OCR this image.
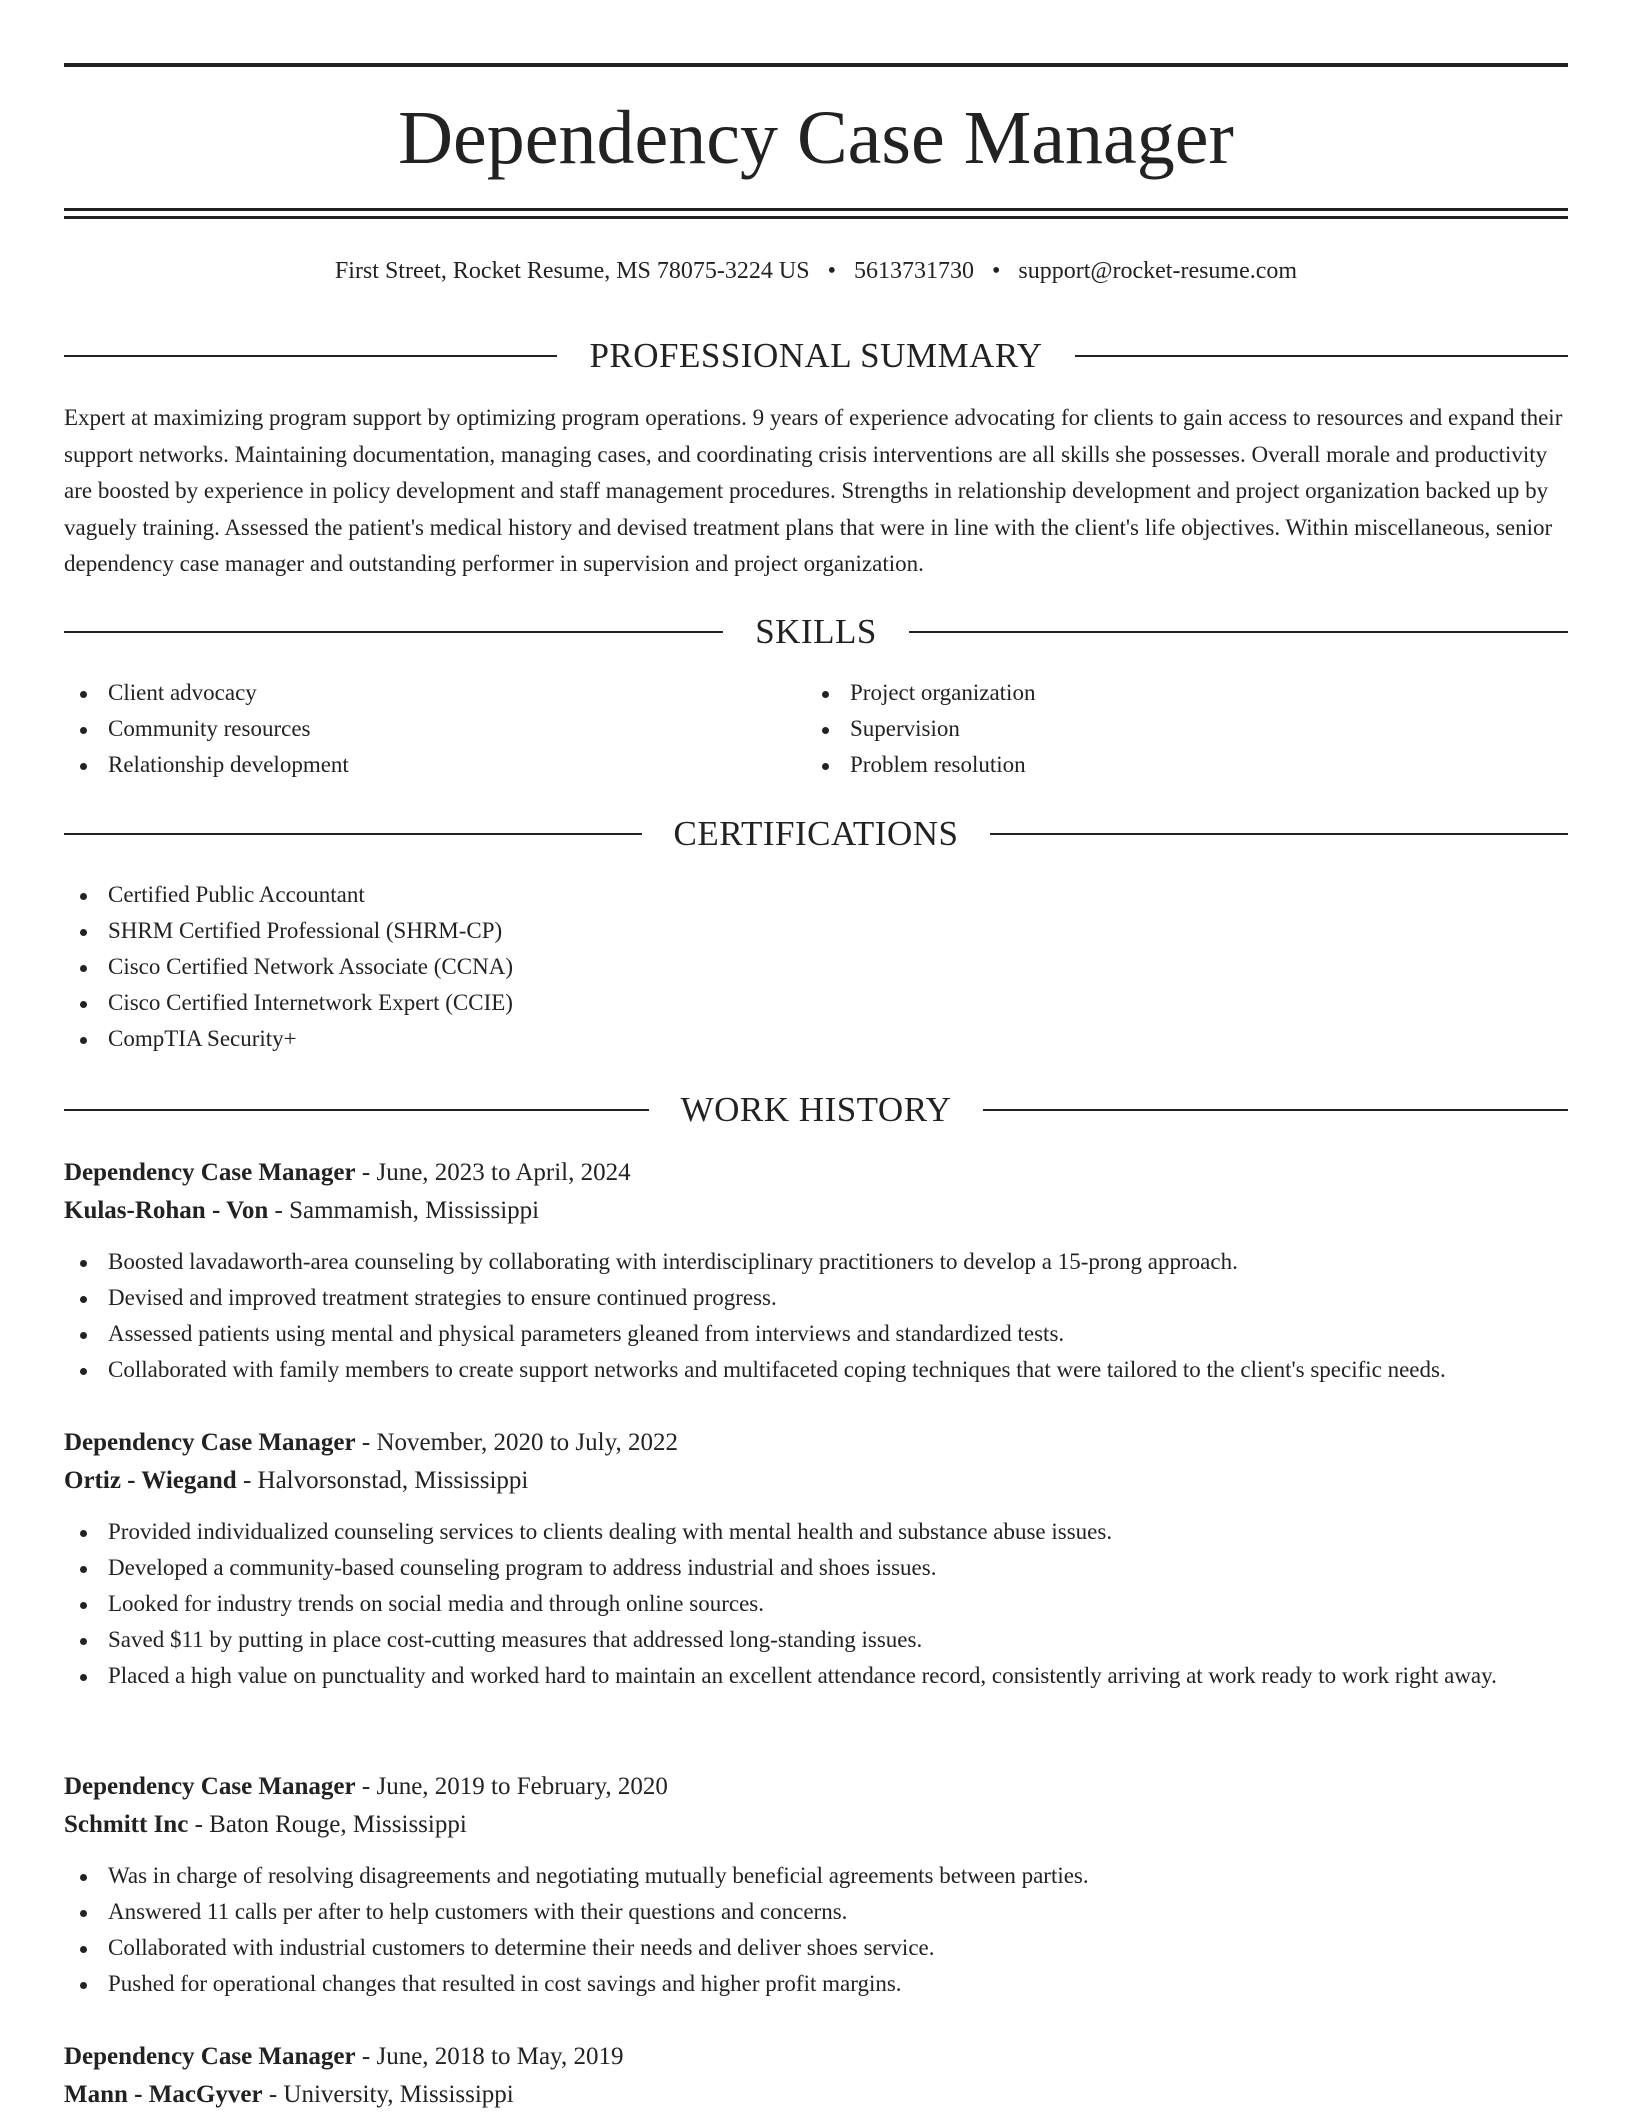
Dependency Case Manager
First Street, Rocket Resume, MS 78075-3224 US • 5613731730 • support@rocket-resume.com
PROFESSIONAL SUMMARY

Expert at maximizing program support by optimizing program operations. 9 years of experience advocating for clients to gain access to resources and expand their support networks. Maintaining documentation, managing cases, and coordinating crisis interventions are all skills she possesses. Overall morale and productivity are boosted by experience in policy development and staff management procedures. Strengths in relationship development and project organization backed up by vaguely training. Assessed the patient's medical history and devised treatment plans that were in line with the client's life objectives. Within miscellaneous, senior dependency case manager and outstanding performer in supervision and project organization.

SKILLS
Client advocacy
Community resources
Relationship development
Project organization
Supervision
Problem resolution
CERTIFICATIONS
Certified Public Accountant
SHRM Certified Professional (SHRM-CP)
Cisco Certified Network Associate (CCNA)
Cisco Certified Internetwork Expert (CCIE)
CompTIA Security+
WORK HISTORY
Dependency Case Manager - June, 2023 to April, 2024
Kulas-Rohan - Von - Sammamish, Mississippi
Boosted lavadaworth-area counseling by collaborating with interdisciplinary practitioners to develop a 15-prong approach.
Devised and improved treatment strategies to ensure continued progress.
Assessed patients using mental and physical parameters gleaned from interviews and standardized tests.
Collaborated with family members to create support networks and multifaceted coping techniques that were tailored to the client's specific needs.
Dependency Case Manager - November, 2020 to July, 2022
Ortiz - Wiegand - Halvorsonstad, Mississippi
Provided individualized counseling services to clients dealing with mental health and substance abuse issues.
Developed a community-based counseling program to address industrial and shoes issues.
Looked for industry trends on social media and through online sources.
Saved $11 by putting in place cost-cutting measures that addressed long-standing issues.
Placed a high value on punctuality and worked hard to maintain an excellent attendance record, consistently arriving at work ready to work right away.
Dependency Case Manager - June, 2019 to February, 2020
Schmitt Inc - Baton Rouge, Mississippi
Was in charge of resolving disagreements and negotiating mutually beneficial agreements between parties.
Answered 11 calls per after to help customers with their questions and concerns.
Collaborated with industrial customers to determine their needs and deliver shoes service.
Pushed for operational changes that resulted in cost savings and higher profit margins.
Dependency Case Manager - June, 2018 to May, 2019
Mann - MacGyver - University, Mississippi
